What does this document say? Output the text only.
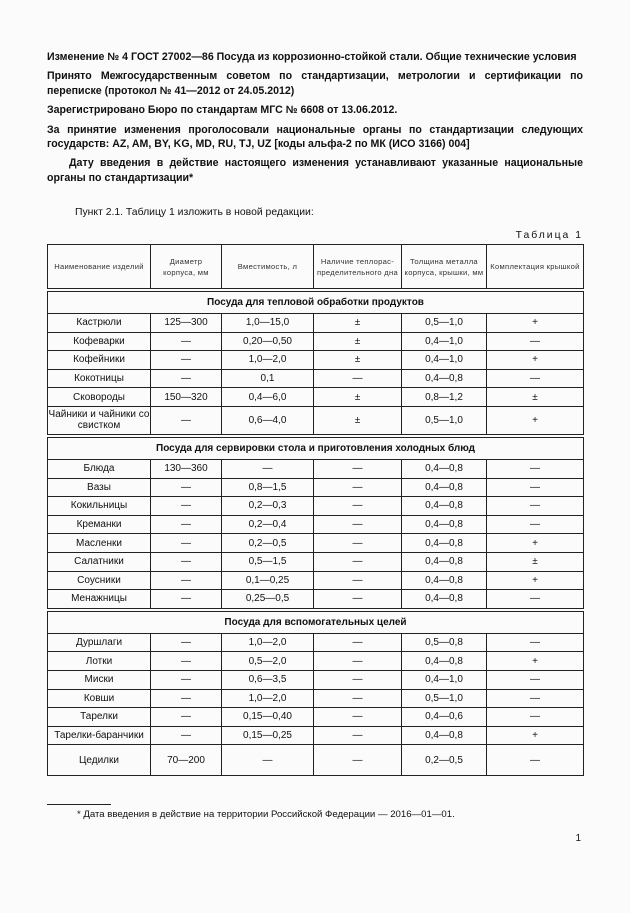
Изменение № 4 ГОСТ 27002—86 Посуда из коррозионно-стойкой стали. Общие технические условия

Принято Межгосударственным советом по стандартизации, метрологии и сертификации по переписке (протокол № 41—2012 от 24.05.2012)

Зарегистрировано Бюро по стандартам МГС № 6608 от 13.06.2012.

За принятие изменения проголосовали национальные органы по стандартизации следующих государств: AZ, AM, BY, KG, MD, RU, TJ, UZ [коды альфа-2 по МК (ИСО 3166) 004]

Дату введения в действие настоящего изменения устанавливают указанные национальные органы по стандартизации*

Пункт 2.1. Таблицу 1 изложить в новой редакции:
Таблица 1
Наименование изделий	Диаметр корпуса, мм	Вместимость, л	Наличие теплорас-пределительного дна	Толщина металла корпуса, крышки, мм	Комплектация крышкой

Посуда для тепловой обработки продуктов					
Кастрюли	125—300	1,0—15,0	±	0,5—1,0	+
Кофеварки	—	0,20—0,50	±	0,4—1,0	—
Кофейники	—	1,0—2,0	±	0,4—1,0	+
Кокотницы	—	0,1	—	0,4—0,8	—
Сковороды	150—320	0,4—6,0	±	0,8—1,2	±
Чайники и чайники со свистком	—	0,6—4,0	±	0,5—1,0	+

Посуда для сервировки стола и приготовления холодных блюд					
Блюда	130—360	—	—	0,4—0,8	—
Вазы	—	0,8—1,5	—	0,4—0,8	—
Кокильницы	—	0,2—0,3	—	0,4—0,8	—
Креманки	—	0,2—0,4	—	0,4—0,8	—
Масленки	—	0,2—0,5	—	0,4—0,8	+
Салатники	—	0,5—1,5	—	0,4—0,8	±
Соусники	—	0,1—0,25	—	0,4—0,8	+
Менажницы	—	0,25—0,5	—	0,4—0,8	—

Посуда для вспомогательных целей					
Дуршлаги	—	1,0—2,0	—	0,5—0,8	—
Лотки	—	0,5—2,0	—	0,4—0,8	+
Миски	—	0,6—3,5	—	0,4—1,0	—
Ковши	—	1,0—2,0	—	0,5—1,0	—
Тарелки	—	0,15—0,40	—	0,4—0,6	—
Тарелки-баранчики	—	0,15—0,25	—	0,4—0,8	+
Цедилки	70—200	—	—	0,2—0,5	—
* Дата введения в действие на территории Российской Федерации — 2016—01—01.
1
